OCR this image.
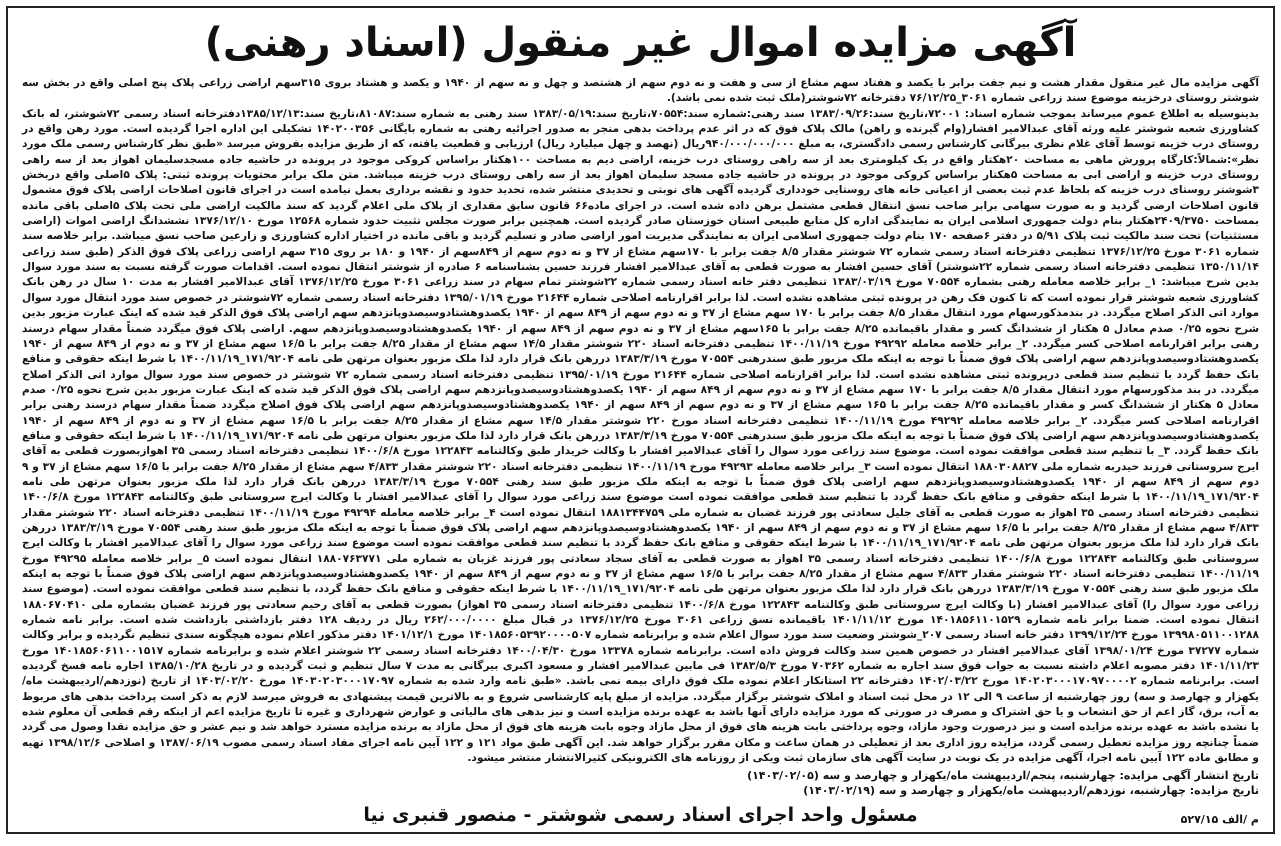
آگهی مزایده اموال غیر منقول (اسناد رهنی)

آگهی مزایده مال غیر منقول مقدار هشت و نیم جفت برابر با یکصد و هفتاد سهم مشاع از سی و هفت و نه دوم سهم از هشتصد و چهل و نه سهم از ۱۹۴۰ و یکصد و هشتاد بروی ۳۱۵سهم اراضی زراعی پلاک پنج اصلی واقع در بخش سه شوشتر روستای درخزینه موضوع سند زراعی شماره ۳۰۶۱_۷۶/۱۲/۲۵ دفترخانه ۷۲شوشتر(ملک ثبت شده نمی باشد).

بدینوسیله به اطلاع عموم میرساند بموجب شماره اسناد: ۷۲۰۰۱،تاریخ سند:۱۳۸۳/۰۹/۲۶ سند رهنی:شماره سند:۷۰۵۵۴،تاریخ سند:۱۳۸۳/۰۵/۱۹ سند رهنی به شماره سند:۸۱۰۸۷،تاریخ سند:۱۳۸۵/۱۲/۱۳دفترخانه اسناد رسمی ۷۲شوشتر، له بانک کشاورزی شعبه شوشتر علیه ورثه آقای عبدالامیر افشار(وام گیرنده و راهن) مالک پلاک فوق که در اثر عدم پرداخت بدهی منجر به صدور اجرائیه رهنی به شماره بایگانی ۱۴۰۲۰۰۳۵۶ تشکیلی این اداره اجرا گردیده است. مورد رهن واقع در روستای درب خزینه توسط آقای غلام نظری بیرگانی کارشناس رسمی دادگستری، به مبلغ ۹۴۰/۰۰۰/۰۰۰/۰۰۰ریال (نهصد و چهل میلیارد ریال) ارزیابی و قطعیت یافته، که از طریق مزایده بفروش میرسد «طبق نظر کارشناس رسمی ملک مورد نظر»:شمالاً:کارگاه پرورش ماهی به مساحت ۲۰هکتار واقع در یک کیلومتری بعد از سه راهی روستای درب خزینه، اراضی دیم به مساحت ۱۰۰هکتار براساس کروکی موجود در پرونده در حاشیه جاده مسجدسلیمان اهواز بعد از سه راهی روستای درب خزینه و اراضی ابی به مساحت ۵هکتار براساس کروکی موجود در پرونده در حاشیه جاده مسجد سلیمان اهواز بعد از سه راهی روستای درب خزینه میباشد. متن ملک برابر محتویات پرونده ثبتی: پلاک ۵اصلی واقع دربخش ۳شوشتر روستای درب خزینه که بلحاظ عدم ثبت بعضی از اعیانی خانه های روستایی خودداری گردیده آگهی های نوبتی و تحدیدی منتشر شده، تحدید حدود و نقشه برداری بعمل نیامده است در اجرای قانون اصلاحات اراضی پلاک فوق مشمول قانون اصلاحات ارضی گردید و به صورت سهامی برابر صاحب نسق انتقال قطعی مشتمل برهن داده شده است. در اجرای ماده۶۶ قانون سابق مقداری از پلاک ملی اعلام گردید که سند مالکیت اراضی ملی تحت پلاک ۵اصلی باقی مانده بمساحت ۲۴۰۹/۳۷۵۰هکتار بنام دولت جمهوری اسلامی ایران به نمایندگی اداره کل منابع طبیعی استان خوزستان صادر گردیده است. همچنین برابر صورت مجلس تثبیت حدود شماره ۱۲۵۶۸ مورخ ۱۳۷۶/۱۲/۱۰ نششدانگ اراضی اموات (اراضی مستثنیات) تحت سند مالکیت ثبت پلاک ۵/۹۱ در دفتر ۶صفحه ۱۷۰ بنام دولت جمهوری اسلامی ایران به نمایندگی مدیریت امور اراضی صادر و تسلیم گردید و باقی مانده در اختیار اداره کشاورزی و زارعین صاحب نسق میباشد. برابر خلاصه سند شماره ۳۰۶۱ مورخ ۱۳۷۶/۱۲/۲۵ تنظیمی دفترخانه اسناد رسمی شماره ۷۲ شوشتر مقدار ۸/۵ جفت برابر با ۱۷۰سهم مشاع از ۳۷ و نه دوم سهم از ۸۴۹سهم از ۱۹۴۰ و ۱۸۰ بر روی ۳۱۵ سهم اراضی زراعی پلاک فوق الذکر (طبق سند زراعی ۱۳۵۰/۱۱/۱۴ تنظیمی دفترخانه اسناد رسمی شماره ۲۲شوشتر) آقای حسین افشار به صورت قطعی به آقای عبدالامیر افشار فرزند حسین بشناسنامه ۶ صادره از شوشتر انتقال نموده است. اقدامات صورت گرفته نسبت به سند مورد سوال بدین شرح میباشد: ۱_ برابر خلاصه معامله رهنی بشماره ۷۰۵۵۴ مورخ ۱۳۸۳/۰۳/۱۹ تنظیمی دفتر خانه اسناد رسمی شماره ۲۲شوشتر تمام سهام در سند زراعی ۳۰۶۱ مورخ ۱۳۷۶/۱۲/۲۵ آقای عبدالامیر افشار به مدت ۱۰ سال در رهن بانک کشاورزی شعبه شوشتر قرار نموده است که تا کنون فک رهن در پرونده ثبتی مشاهده نشده است. لذا برابر اقرارنامه اصلاحی شماره ۲۱۶۴۴ مورخ ۱۳۹۵/۰۱/۱۹ دفترخانه اسناد رسمی شماره ۷۲شوشتر در خصوص سند مورد انتقال مورد سوال موارد اتی الذکر اصلاح میگردد. در بندمذکورسهام مورد انتقال مقدار ۸/۵ جفت برابر با ۱۷۰ سهم مشاع از ۳۷ و نه دوم سهم از ۸۴۹ سهم از ۱۹۴۰ یکصدوهشتادوسیصدوپانزدهم سهم اراضی پلاک فوق الذکر قید شده که اینک عبارت مزبور بدین شرح نحوه ۰/۲۵ صدم معادل ۵ هکتار از ششدانگ کسر و مقدار باقیمانده ۸/۲۵ جفت برابر با ۱۶۵سهم مشاع از ۳۷ و نه دوم سهم از ۸۴۹ سهم از ۱۹۴۰ یکصدوهشتادوسیصدوپانزدهم سهم. اراضی پلاک فوق میگردد ضمناً مقدار سهام درسند رهنی برابر اقرارنامه اصلاحی کسر میگردد. ۲_ برابر خلاصه معامله ۴۹۲۹۲ مورخ ۱۴۰۰/۱۱/۱۹ تنظیمی دفترخانه اسناد ۲۲۰ شوشتر مقدار ۱۴/۵ سهم مشاع از مقدار ۸/۲۵ جفت برابر با ۱۶/۵ سهم مشاع از ۳۷ و نه دوم از ۸۴۹ سهم از ۱۹۴۰ یکصدوهشتادوسیصدوپانزدهم سهم اراضی پلاک فوق ضمناً با توجه به اینکه ملک مزبور طبق سندرهنی ۷۰۵۵۴ مورخ ۱۳۸۳/۳/۱۹ دررهن بانک قرار دارد لذا ملک مزبور بعنوان مرتهن طی نامه ۱۷۱/۹۲۰۴_۱۴۰۰/۱۱/۱۹ با شرط اینکه حقوقی و منافع بانک حفظ گردد با تنظیم سند قطعی درپرونده ثبتی مشاهده نشده است. لذا برابر اقرارنامه اصلاحی شماره ۲۱۶۴۴ مورخ ۱۳۹۵/۰۱/۱۹ تنظیمی دفترخانه اسناد رسمی شماره ۷۲ شوشتر در خصوص سند مورد سوال موارد اتی الذکر اصلاح میگردد. در بند مذکورسهام مورد انتقال مقدار ۸/۵ جفت برابر با ۱۷۰ سهم مشاع از ۳۷ و نه دوم سهم از ۸۴۹ سهم از ۱۹۴۰ یکصدوهشتادوسیصدوپانزدهم سهم اراضی پلاک فوق الذکر قید شده که اینک عبارت مزبور بدین شرح نحوه ۰/۲۵ صدم معادل ۵ هکتار از ششدانگ کسر و مقدار باقیمانده ۸/۲۵ جفت برابر با ۱۶۵ سهم مشاع از ۳۷ و نه دوم سهم از ۸۴۹ سهم از ۱۹۴۰ یکصدوهشتادوسیصدوپانزدهم سهم اراضی پلاک فوق اصلاح میگردد ضمناً مقدار سهام درسند رهنی برابر اقرارنامه اصلاحی کسر میگردد. ۲_ برابر خلاصه معامله ۴۹۲۹۲ مورخ ۱۴۰۰/۱۱/۱۹ تنظیمی دفترخانه اسناد مورخ ۲۲۰ شوشتر مقدار ۱۴/۵ سهم مشاع از مقدار ۸/۲۵ جفت برابر با ۱۶/۵ سهم مشاع از ۳۷ و نه دوم از ۸۴۹ سهم از ۱۹۴۰ یکصدوهشتادوسیصدوپانزدهم سهم اراضی پلاک فوق ضمناً با توجه به اینکه ملک مزبور طبق سندرهنی ۷۰۵۵۴ مورخ ۱۳۸۳/۳/۱۹ دررهن بانک قرار دارد لذا ملک مزبور بعنوان مرتهن طی نامه ۱۷۱/۹۲۰۴_۱۴۰۰/۱۱/۱۹ با شرط اینکه حقوقی و منافع بانک حفظ گردد. ۳_ با تنظیم سند قطعی موافقت نموده است. موضوع سند زراعی مورد سوال را آقای عبدالامیر افشار با وکالت خریدار طبق وکالتنامه ۱۲۲۸۴۳ مورخ ۱۴۰۰/۶/۸ تنظیمی دفترخانه اسناد رسمی ۳۵ اهوازبصورت قطعی به آقای ایرج سروستانی فرزند حیدربه شماره ملی ۱۸۸۰۳۰۸۸۲۷ انتقال نموده است ۳_ برابر خلاصه معامله ۴۹۲۹۳ مورخ ۱۴۰۰/۱۱/۱۹ تنظیمی دفترخانه اسناد ۲۲۰ شوشتر مقدار ۴/۸۳۳ سهم مشاع از مقدار ۸/۲۵ جفت برابر با ۱۶/۵ سهم مشاع از ۳۷ و ۹ دوم سهم از ۸۴۹ سهم از ۱۹۴۰ یکصدوهشتادوسیصدوپانزدهم سهم اراضی پلاک فوق ضمناً با توجه به اینکه ملک مزبور طبق سند رهنی ۷۰۵۵۴ مورخ ۱۳۸۳/۳/۱۹ دررهن بانک قرار دارد لذا ملک مزبور بعنوان مرتهن طی نامه ۱۷۱/۹۲۰۴_۱۴۰۰/۱۱/۱۹ با شرط اینکه حقوقی و منافع بانک حفظ گردد با تنظیم سند قطعی موافقت نموده است موضوع سند زراعی مورد سوال را آقای عبدالامیر افشار با وکالت ایرج سروستانی طبق وکالتنامه ۱۲۲۸۴۳ مورخ ۱۴۰۰/۶/۸ تنظیمی دفترخانه اسناد رسمی ۳۵ اهواز به صورت قطعی به آقای جلیل سعادتی پور فرزند غضبان به شماره ملی ۱۸۸۱۳۴۴۷۵۹ انتقال نموده است ۴_ برابر خلاصه معامله ۴۹۲۹۴ مورخ ۱۴۰۰/۱۱/۱۹ تنظیمی دفترخانه اسناد ۲۲۰ شوشتر مقدار ۴/۸۳۳ سهم مشاع از مقدار ۸/۲۵ جفت برابر با ۱۶/۵ سهم مشاع از ۳۷ و نه دوم سهم از ۸۴۹ سهم از ۱۹۴۰ یکصدوهشتادوسیصدوپانزدهم سهم اراضی پلاک فوق ضمناً با توجه به اینکه ملک مزبور طبق سند رهنی ۷۰۵۵۴ مورخ ۱۳۸۳/۳/۱۹ دررهن بانک قرار دارد لذا ملک مزبور بعنوان مرتهن طی نامه ۱۷۱/۹۲۰۴_۱۴۰۰/۱۱/۱۹ با شرط اینکه حقوقی و منافع بانک حفظ گردد با تنظیم سند قطعی موافقت نموده است موضوع سند زراعی مورد سوال را آقای عبدالامیر افشار با وکالت ایرج سروستانی طبق وکالتنامه ۱۲۲۸۴۳ مورخ ۱۴۰۰/۶/۸ تنظیمی دفترخانه اسناد رسمی ۳۵ اهواز به صورت قطعی به آقای سجاد سعادتی پور فرزند غزبان به شماره ملی ۱۸۸۰۷۶۳۷۷۱ انتقال نموده است ۵_ برابر خلاصه معامله ۴۹۲۹۵ مورخ ۱۴۰۰/۱۱/۱۹ تنظیمی دفترخانه اسناد ۲۲۰ شوشتر مقدار ۴/۸۳۳ سهم مشاع از مقدار ۸/۲۵ جفت برابر با ۱۶/۵ سهم مشاع از ۳۷ و نه دوم سهم از ۸۴۹ سهم از ۱۹۴۰ یکصدوهشتادوسیصدوپانزدهم سهم اراضی پلاک فوق ضمناً با توجه به اینکه ملک مزبور طبق سند رهنی ۷۰۵۵۴ مورخ ۱۳۸۳/۳/۱۹ دررهن بانک قرار دارد لذا ملک مزبور بعنوان مرتهن طی نامه ۱۷۱/۹۲۰۴_۱۴۰۰/۱۱/۱۹ با شرط اینکه حقوقی و منافع بانک حفظ گردد، با تنظیم سند قطعی موافقت نموده است. (موضوع سند زراعی مورد سوال را) آقای عبدالامیر افشار (با وکالت ایرج سروستانی طبق وکالتنامه ۱۲۲۸۴۳ مورخ ۱۴۰۰/۶/۸ تنظیمی دفترخانه اسناد رسمی ۳۵ اهواز) بصورت قطعی به آقای رحیم سعادتی پور فرزند غضبان بشماره ملی ۱۸۸۰۶۷۰۴۱۰ انتقال نموده است. ضمنا برابر نامه شماره ۱۴۰۱۸۵۶۱۱۰۱۵۲۹ مورخ ۱۴۰۱/۱۱/۱۲ باقیمانده نسق زراعی ۳۰۶۱ مورخ ۱۳۷۶/۱۲/۲۵ در قبال مبلغ ۲۶۲/۰۰۰/۰۰۰۰ ریال در ردیف ۱۲۸ دفتر بازداشتی بازداشت شده است. برابر نامه شماره ۱۳۹۹۸۰۵۱۱۰۰۱۲۸۸ مورخ ۱۳۹۹/۱۲/۲۴ دفتر خانه اسناد رسمی ۲۰۷_شوشتر وضعیت سند مورد سوال اعلام شده و برابرنامه شماره ۱۴۰۱۸۵۶۰۵۳۹۲۰۰۰۰۵۰۷ مورخ ۱۴۰۱/۱۲/۱ دفتر مذکور اعلام نموده هیچگونه سندی تنظیم نگردیده و برابر وکالت شماره ۳۷۲۷۷ مورخ ۱۳۹۸/۰۱/۲۴ آقای عبدالامیر افشار در خصوص همین سند وکالت فروش داده است. برابرنامه شماره ۱۳۳۷۸ مورخ ۱۴۰۰/۰۴/۳۰ دفترخانه اسناد رسمی ۲۲ شوشتر اعلام شده و برابرنامه شماره ۱۴۰۱۸۵۶۰۶۱۱۰۰۱۵۱۷ مورخ ۱۴۰۱/۱۱/۲۳ دفتر مصوبه اعلام داشته نسبت به جواب فوق سند اجاره به شماره ۷۰۳۶۲ مورخ ۱۳۸۳/۵/۳ فی مابین عبدالامیر افشار و مسعود اکبری بیرگانی به مدت ۷ سال تنظیم و ثبت گردیده و در تاریخ ۱۳۸۵/۱۰/۲۸ اجاره نامه فسخ گردیده است. برابرنامه شماره ۱۴۰۲۰۳۰۰۰۱۷۰۹۷۰۰۰۰۲ مورخ ۱۴۰۲/۰۳/۲۲ دفترخانه ۲۲ استانکار اعلام نموده ملک فوق دارای بیمه نمی باشد. «طبق نامه وارد شده به شماره ۱۴۰۳۰۲۰۳۰۰۰۱۷۰۹۷ مورخ ۱۴۰۳/۰۲/۲۰ از تاریخ (نوزدهم/اردیبهشت ماه/یکهزار و چهارصد و سه) روز چهارشنبه از ساعت ۹ الی ۱۲ در محل ثبت اسناد و املاک شوشتر برگزار میگردد. مزایده از مبلغ پایه کارشناسی شروع و به بالاترین قیمت پیشنهادی به فروش میرسد لازم به ذکر است پرداخت بدهی های مربوط به آب، برق، گاز اعم از حق انشعاب و یا حق اشتراک و مصرف در صورتی که مورد مزایده دارای آنها باشد به عهده برنده مزایده است و نیز بدهی های مالیاتی و عوارض شهرداری و غیره تا تاریخ مزایده اعم از اینکه رقم قطعی آن معلوم شده یا نشده باشد به عهده برنده مزایده است و نیز درصورت وجود مازاد، وجوه پرداختی بابت هزینه های فوق از محل مازاد وجوه بابت هزینه های فوق از محل مازاد به برنده مزایده مسترد خواهد شد و نیم عشر و حق مزایده نقدا وصول می گردد ضمناً چنانچه روز مزایده تعطیل رسمی گردد، مزایده روز اداری بعد از تعطیلی در همان ساعت و مکان مقرر برگزار خواهد شد. این آگهی طبق مواد ۱۲۱ و ۱۲۲ آیین نامه اجرای مفاد اسناد رسمی مصوب ۱۳۸۷/۰۶/۱۹ و اصلاحی ۱۳۹۸/۱۲/۶ تهیه و مطابق ماده ۱۲۲ آیین نامه اجرا، آگهی مزایده در یک نوبت در سایت آگهی های سازمان ثبت ویکی از روزنامه های الکترونیکی کثیرالانتشار منتشر میشود.

تاریخ انتشار آگهی مزایده: چهارشنبه، پنجم/اردیبهشت ماه/یکهزار و چهارصد و سه (۱۴۰۳/۰۲/۰۵)
تاریخ مزایده: چهارشنبه، نوزدهم/اردیبهشت ماه/یکهزار و چهارصد و سه (۱۴۰۳/۰۲/۱۹)
مسئول واحد اجرای اسناد رسمی شوشتر - منصور قنبری نیا	م /الف ۵۲۷/۱۵
